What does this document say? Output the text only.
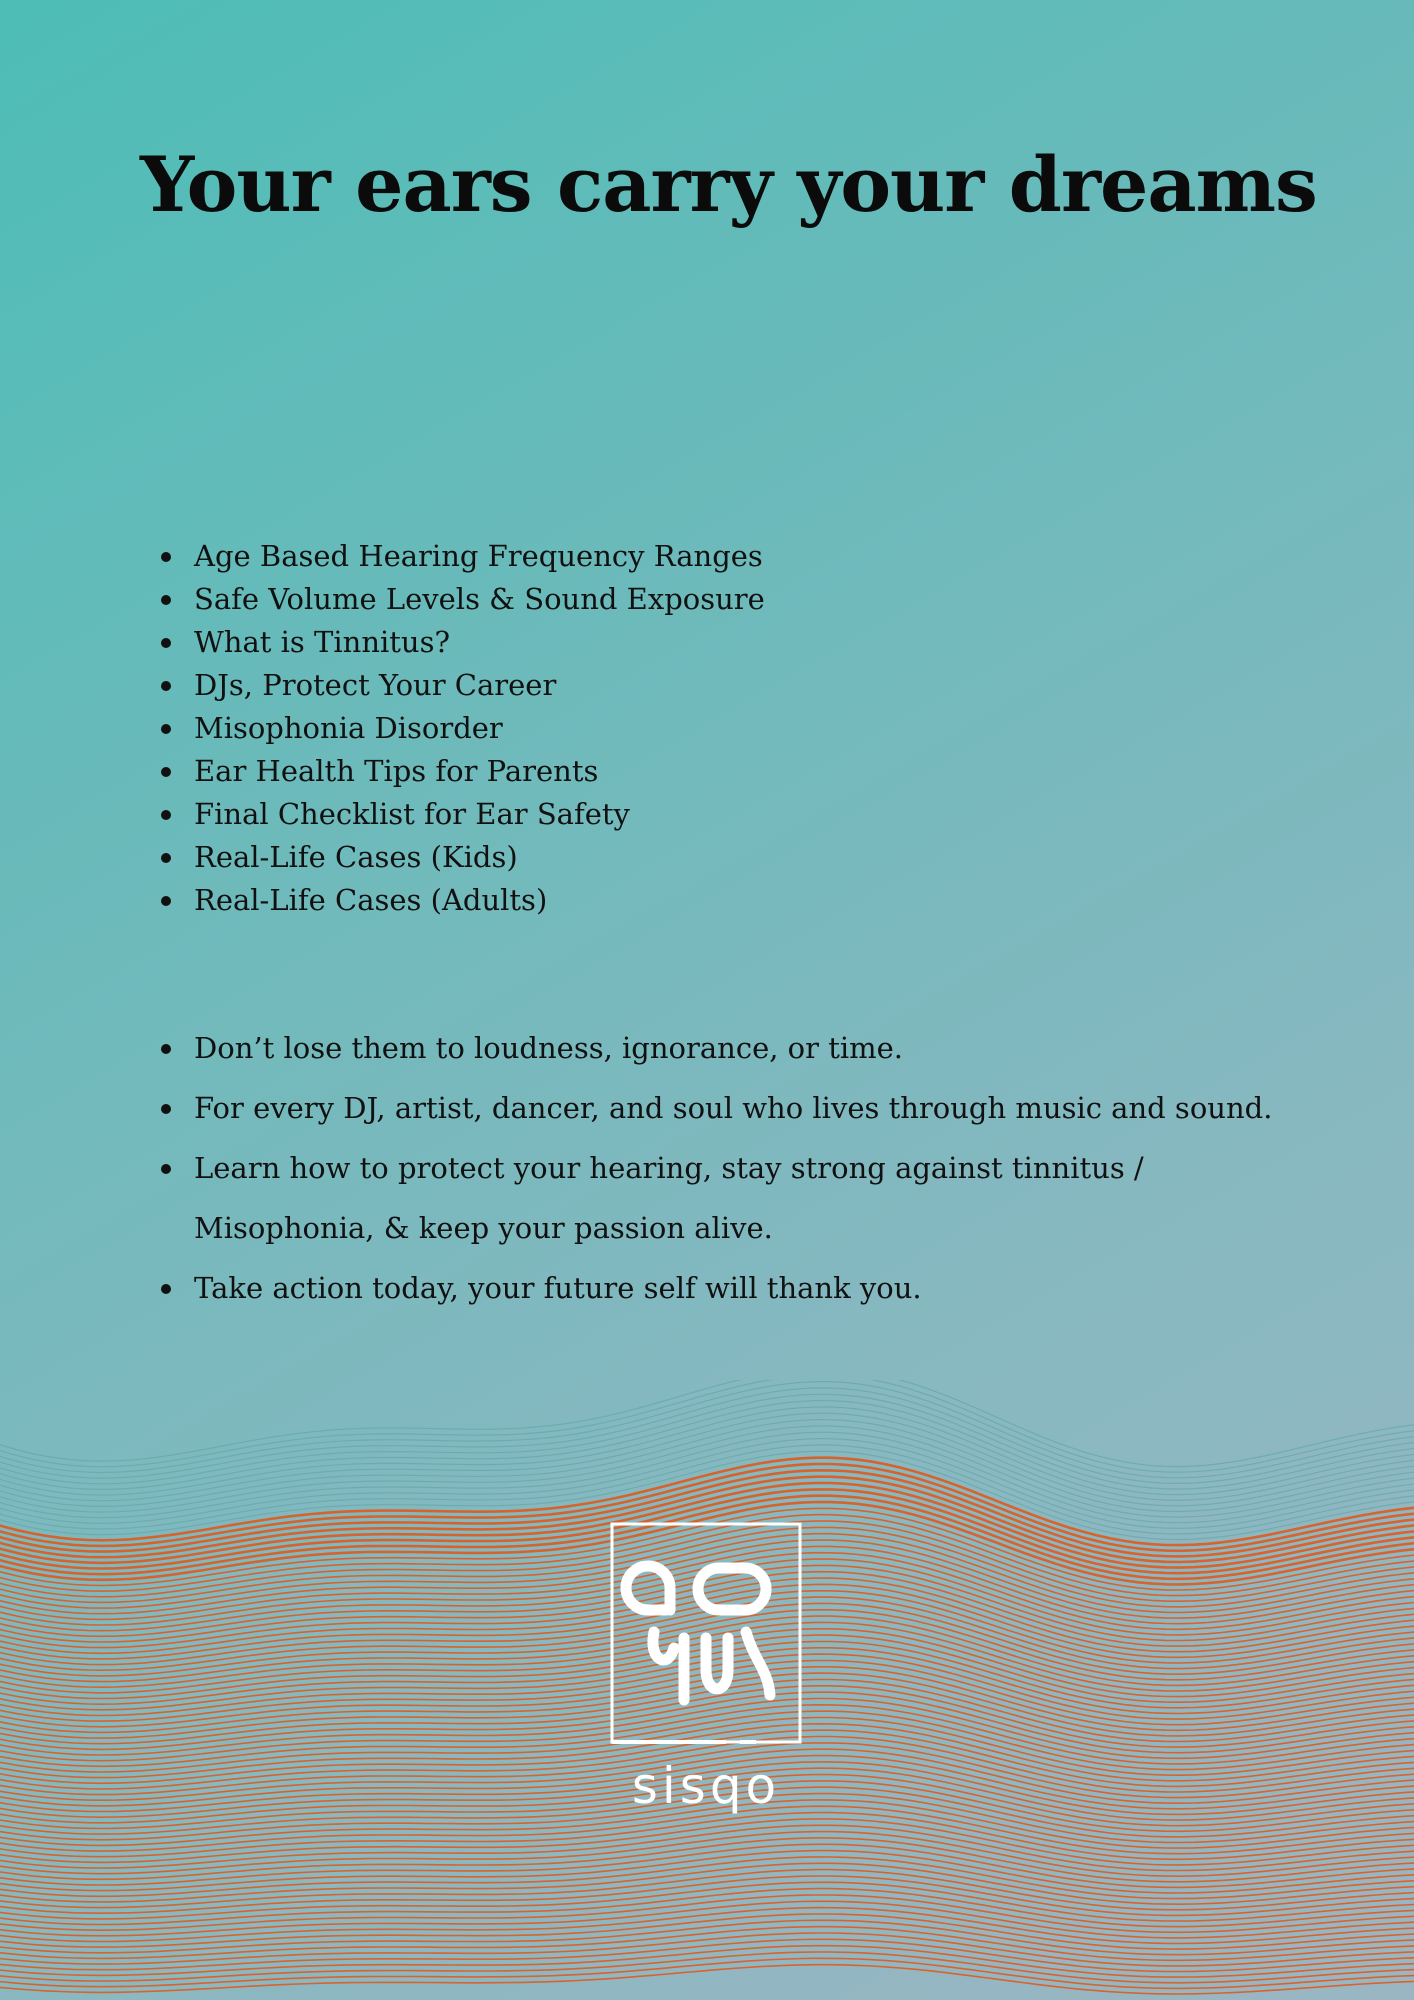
Your ears carry your dreams
Age Based Hearing Frequency Ranges
Safe Volume Levels & Sound Exposure
What is Tinnitus?
DJs, Protect Your Career
Misophonia Disorder
Ear Health Tips for Parents
Final Checklist for Ear Safety
Real-Life Cases (Kids)
Real-Life Cases (Adults)
Don’t lose them to loudness, ignorance, or time.
For every DJ, artist, dancer, and soul who lives through music and sound.
Learn how to protect your hearing, stay strong against tinnitus / Misophonia, & keep your passion alive.
Take action today, your future self will thank you.
sisqo
